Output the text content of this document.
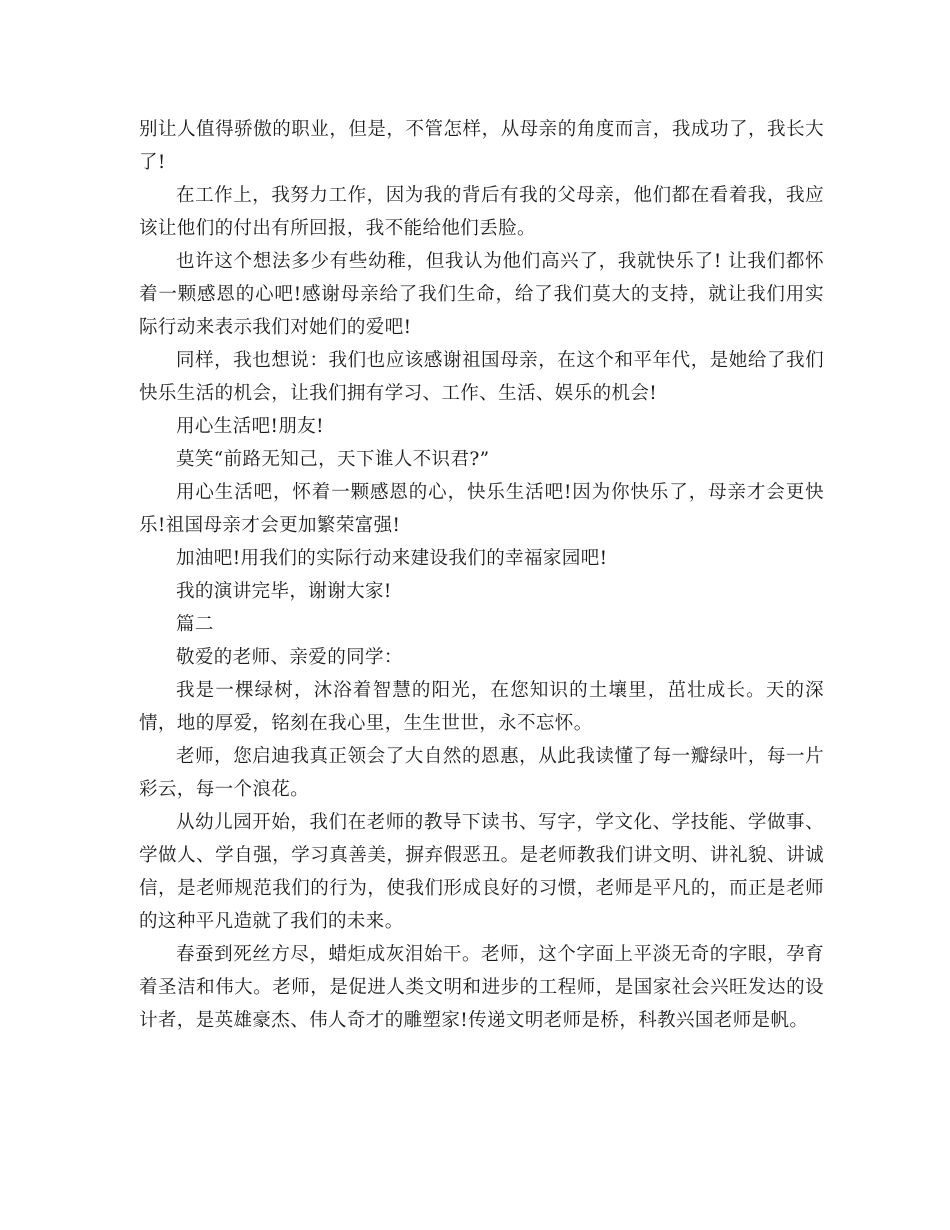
别让人值得骄傲的职业，但是，不管怎样，从母亲的角度而言，我成功了，我长大了!

在工作上，我努力工作，因为我的背后有我的父母亲，他们都在看着我，我应该让他们的付出有所回报，我不能给他们丢脸。

也许这个想法多少有些幼稚，但我认为他们高兴了，我就快乐了! 让我们都怀着一颗感恩的心吧!感谢母亲给了我们生命，给了我们莫大的支持，就让我们用实际行动来表示我们对她们的爱吧!

同样，我也想说：我们也应该感谢祖国母亲，在这个和平年代，是她给了我们快乐生活的机会，让我们拥有学习、工作、生活、娱乐的机会!

用心生活吧!朋友!

莫笑“前路无知己，天下谁人不识君?”

用心生活吧，怀着一颗感恩的心，快乐生活吧!因为你快乐了，母亲才会更快乐!祖国母亲才会更加繁荣富强!

加油吧!用我们的实际行动来建设我们的幸福家园吧!

我的演讲完毕，谢谢大家!

篇二

敬爱的老师、亲爱的同学：

我是一棵绿树，沐浴着智慧的阳光，在您知识的土壤里，茁壮成长。天的深情，地的厚爱，铭刻在我心里，生生世世，永不忘怀。

老师，您启迪我真正领会了大自然的恩惠，从此我读懂了每一瓣绿叶，每一片彩云，每一个浪花。

从幼儿园开始，我们在老师的教导下读书、写字，学文化、学技能、学做事、学做人、学自强，学习真善美，摒弃假恶丑。是老师教我们讲文明、讲礼貌、讲诚信，是老师规范我们的行为，使我们形成良好的习惯，老师是平凡的，而正是老师的这种平凡造就了我们的未来。

春蚕到死丝方尽，蜡炬成灰泪始干。老师，这个字面上平淡无奇的字眼，孕育着圣洁和伟大。老师，是促进人类文明和进步的工程师，是国家社会兴旺发达的设计者，是英雄豪杰、伟人奇才的雕塑家!传递文明老师是桥，科教兴国老师是帆。
